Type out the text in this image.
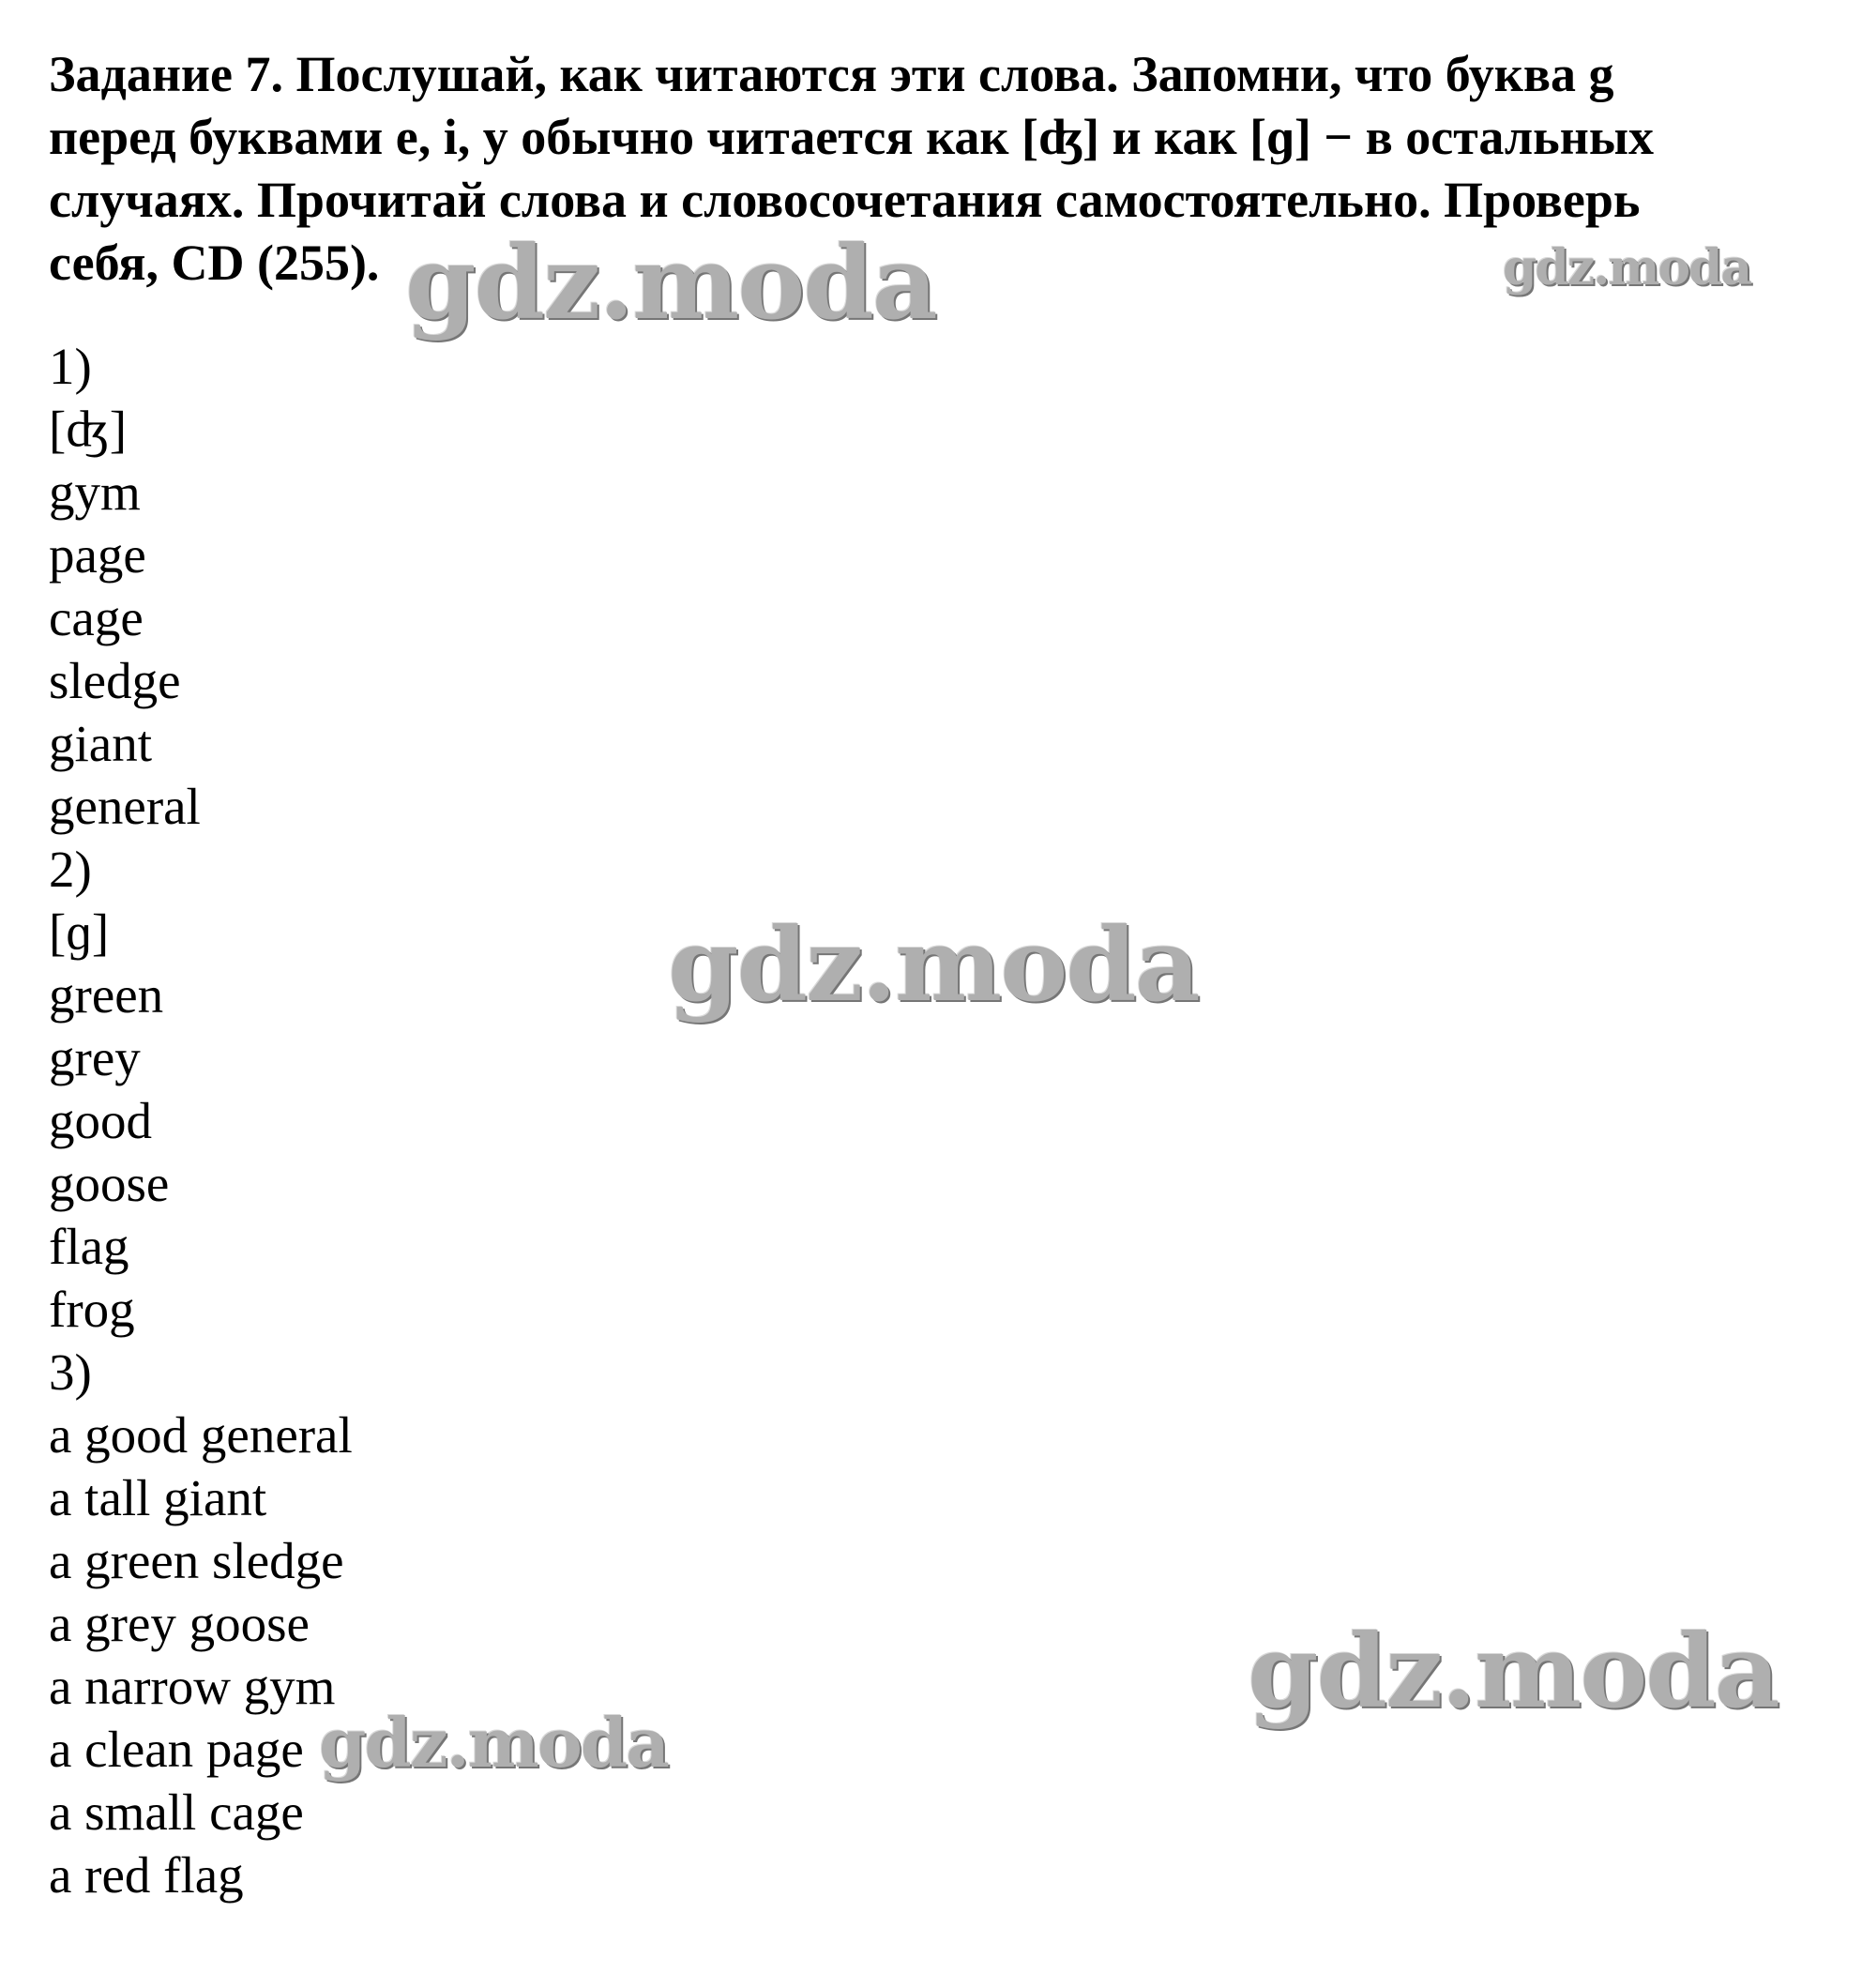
Задание 7. Послушай, как читаются эти слова. Запомни, что буква g

перед буквами e, i, y обычно читается как [ʤ] и как [ɡ] − в остальных

случаях. Прочитай слова и словосочетания самостоятельно. Проверь

себя, CD (255).

1)
[ʤ]
gym
page
cage
sledge
giant
general
2)
[ɡ]
green
grey
good
goose
flag
frog
3)
a good general
a tall giant
a green sledge
a grey goose
a narrow gym
a clean page
a small cage
a red flag
gdz.moda	gdz.moda
gdz.moda
gdz.moda
gdz.moda
